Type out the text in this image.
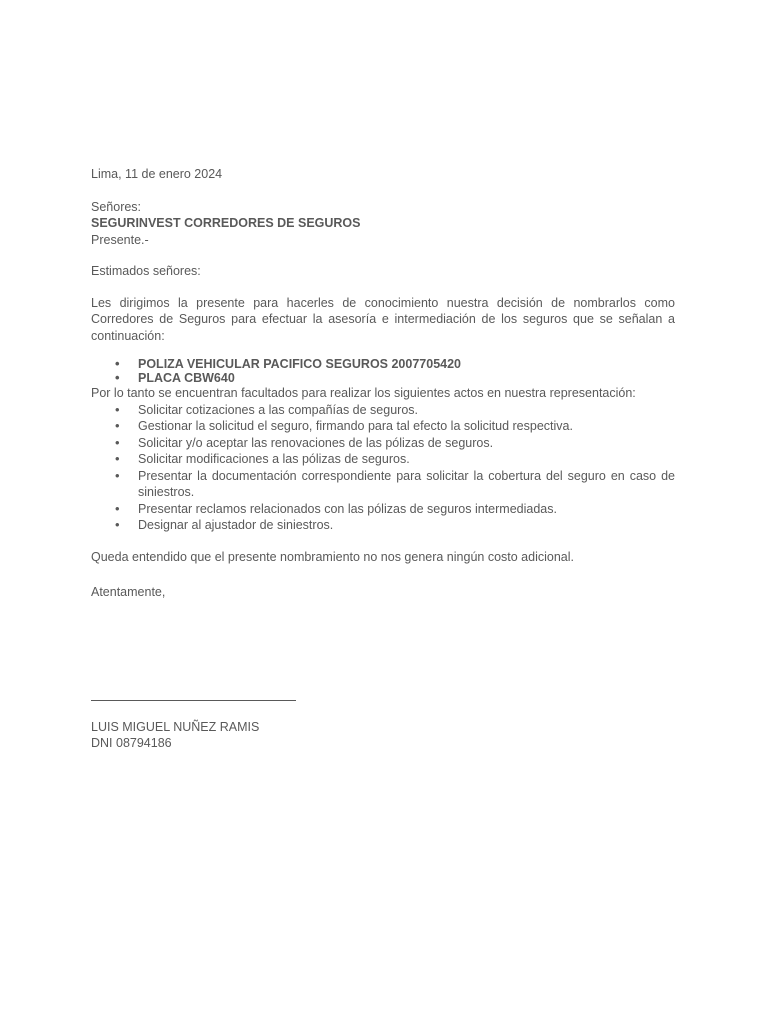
Lima, 11 de enero 2024
Señores:
SEGURINVEST CORREDORES DE SEGUROS
Presente.-
Estimados señores:
Les dirigimos la presente para hacerles de conocimiento nuestra decisión de nombrarlos como Corredores de Seguros para efectuar la asesoría e intermediación de los seguros que se señalan a continuación:
• POLIZA VEHICULAR PACIFICO SEGUROS 2007705420
• PLACA CBW640
Por lo tanto se encuentran facultados para realizar los siguientes actos en nuestra representación:
• Solicitar cotizaciones a las compañías de seguros.
• Gestionar la solicitud el seguro, firmando para tal efecto la solicitud respectiva.
• Solicitar y/o aceptar las renovaciones de las pólizas de seguros.
• Solicitar modificaciones a las pólizas de seguros.
• Presentar la documentación correspondiente para solicitar la cobertura del seguro en caso de siniestros.
• Presentar reclamos relacionados con las pólizas de seguros intermediadas.
• Designar al ajustador de siniestros.
Queda entendido que el presente nombramiento no nos genera ningún costo adicional.
Atentamente,
LUIS MIGUEL NUÑEZ RAMIS
DNI 08794186
